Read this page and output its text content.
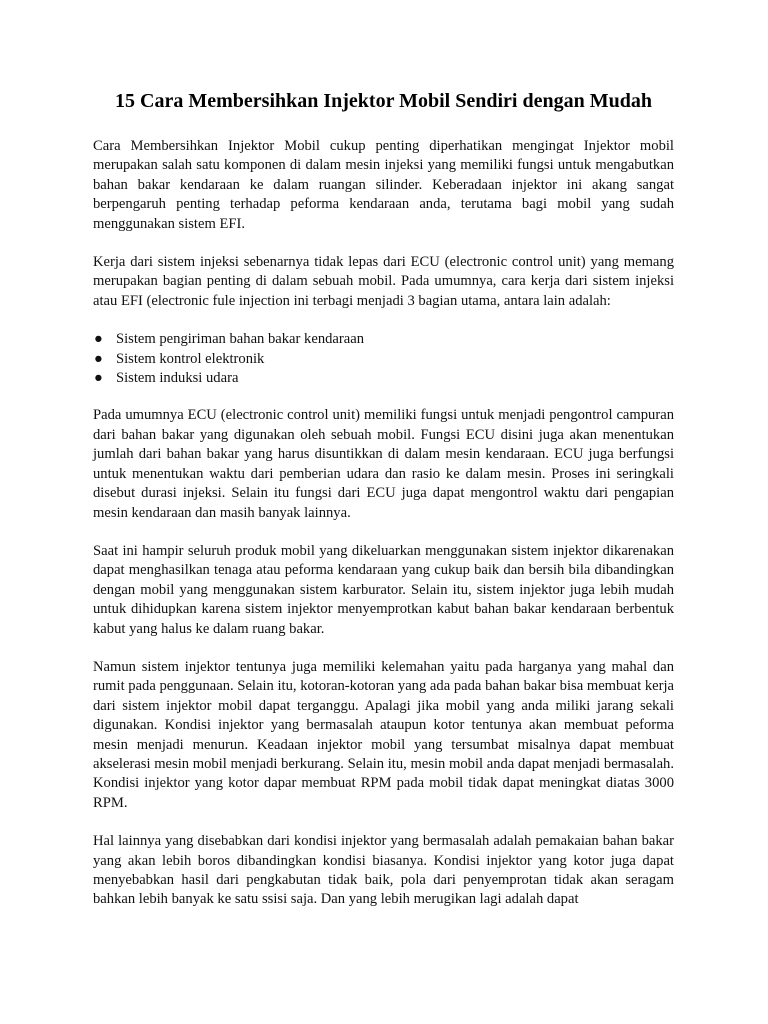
15 Cara Membersihkan Injektor Mobil Sendiri dengan Mudah

Cara Membersihkan Injektor Mobil cukup penting diperhatikan mengingat Injektor mobil merupakan salah satu komponen di dalam mesin injeksi yang memiliki fungsi untuk mengabutkan bahan bakar kendaraan ke dalam ruangan silinder. Keberadaan injektor ini akang sangat berpengaruh penting terhadap peforma kendaraan anda, terutama bagi mobil yang sudah menggunakan sistem EFI.

Kerja dari sistem injeksi sebenarnya tidak lepas dari ECU (electronic control unit) yang memang merupakan bagian penting di dalam sebuah mobil. Pada umumnya, cara kerja dari sistem injeksi atau EFI (electronic fule injection ini terbagi menjadi 3 bagian utama, antara lain adalah:

● Sistem pengiriman bahan bakar kendaraan
● Sistem kontrol elektronik
● Sistem induksi udara

Pada umumnya ECU (electronic control unit) memiliki fungsi untuk menjadi pengontrol campuran dari bahan bakar yang digunakan oleh sebuah mobil. Fungsi ECU disini juga akan menentukan jumlah dari bahan bakar yang harus disuntikkan di dalam mesin kendaraan. ECU juga berfungsi untuk menentukan waktu dari pemberian udara dan rasio ke dalam mesin. Proses ini seringkali disebut durasi injeksi. Selain itu fungsi dari ECU juga dapat mengontrol waktu dari pengapian mesin kendaraan dan masih banyak lainnya.

Saat ini hampir seluruh produk mobil yang dikeluarkan menggunakan sistem injektor dikarenakan dapat menghasilkan tenaga atau peforma kendaraan yang cukup baik dan bersih bila dibandingkan dengan mobil yang menggunakan sistem karburator. Selain itu, sistem injektor juga lebih mudah untuk dihidupkan karena sistem injektor menyemprotkan kabut bahan bakar kendaraan berbentuk kabut yang halus ke dalam ruang bakar.

Namun sistem injektor tentunya juga memiliki kelemahan yaitu pada harganya yang mahal dan rumit pada penggunaan. Selain itu, kotoran-kotoran yang ada pada bahan bakar bisa membuat kerja dari sistem injektor mobil dapat terganggu. Apalagi jika mobil yang anda miliki jarang sekali digunakan. Kondisi injektor yang bermasalah ataupun kotor tentunya akan membuat peforma mesin menjadi menurun. Keadaan injektor mobil yang tersumbat misalnya dapat membuat akselerasi mesin mobil menjadi berkurang. Selain itu, mesin mobil anda dapat menjadi bermasalah. Kondisi injektor yang kotor dapar membuat RPM pada mobil tidak dapat meningkat diatas 3000 RPM.

Hal lainnya yang disebabkan dari kondisi injektor yang bermasalah adalah pemakaian bahan bakar yang akan lebih boros dibandingkan kondisi biasanya. Kondisi injektor yang kotor juga dapat menyebabkan hasil dari pengkabutan tidak baik, pola dari penyemprotan tidak akan seragam bahkan lebih banyak ke satu ssisi saja. Dan yang lebih merugikan lagi adalah dapat
